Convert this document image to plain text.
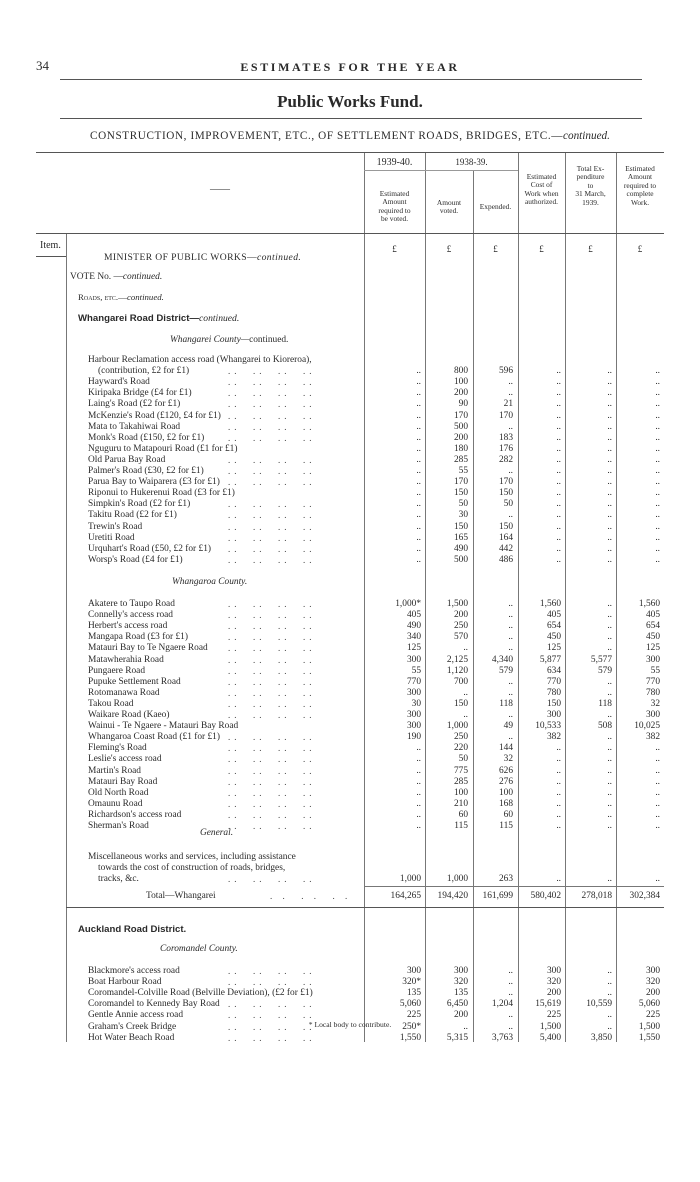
34	ESTIMATES FOR THE YEAR
Public Works Fund.
CONSTRUCTION, IMPROVEMENT, ETC., OF SETTLEMENT ROADS, BRIDGES, ETC.—continued.
——
1939-40.	1938-39.
Estimated
Amount
required to
be voted.
Amount
voted.	Expended.
Estimated
Cost of
Work when
authorized.
Total Ex-
penditure
to
31 March,
1939.
Estimated
Amount
required to
complete
Work.
£	£	£	£	£	£
Item.
MINISTER OF PUBLIC WORKS—continued.
VOTE No. —continued.
Roads, etc.—continued.
Whangarei Road District—continued.
Whangarei County—continued.
Harbour Reclamation access road (Whangarei to Kioreroa),
(contribution, £2 for £1)	..  ..  ..  ..	..	800	596	..	..	..
Hayward's Road	..  ..  ..  ..	..	100	..	..	..	..
Kiripaka Bridge (£4 for £1)	..  ..  ..  ..	..	200	..	..	..	..
Laing's Road (£2 for £1)	..  ..  ..  ..	..	90	21	..	..	..
McKenzie's Road (£120, £4 for £1) ..  ..  ..  ..	..	170	170	..	..	..
Mata to Takahiwai Road	..  ..  ..  ..	..	500	..	..	..	..
Monk's Road (£150, £2 for £1)	..  ..  ..  ..	..	200	183	..	..	..
Nguguru to Matapouri Road (£1 for £1)	..	180	176	..	..	..
Old Parua Bay Road	..  ..  ..  ..	..	285	282	..	..	..
Palmer's Road (£30, £2 for £1)	..  ..  ..  ..	..	55	..	..	..	..
Parua Bay to Waiparera (£3 for £1) ..  ..  ..  ..	..	170	170	..	..	..
Riponui to Hukerenui Road (£3 for £1)	..	150	150	..	..	..
Simpkin's Road (£2 for £1)	..  ..  ..  ..	..	50	50	..	..	..
Takitu Road (£2 for £1)	..  ..  ..  ..	..	30	..	..	..	..
Trewin's Road	..  ..  ..  ..	..	150	150	..	..	..
Uretiti Road	..  ..  ..  ..	..	165	164	..	..	..
Urquhart's Road (£50, £2 for £1) ..  ..  ..  ..	..	490	442	..	..	..
Worsp's Road (£4 for £1)	..  ..  ..  ..	..	500	486	..	..	..
Whangaroa County.
Akatere to Taupo Road	..  ..  ..  ..	1,000*	1,500	..	1,560	..	1,560
Connelly's access road	..  ..  ..  ..	405	200	..	405	..	405
Herbert's access road	..  ..  ..  ..	490	250	..	654	..	654
Mangapa Road (£3 for £1)	..  ..  ..  ..	340	570	..	450	..	450
Matauri Bay to Te Ngaere Road ..  ..  ..  ..	125	..	..	125	..	125
Matawherahia Road	..  ..  ..  ..	300	2,125	4,340	5,877	5,577	300
Pungaere Road	..  ..  ..  ..	55	1,120	579	634	579	55
Pupuke Settlement Road	..  ..  ..  ..	770	700	..	770	..	770
Rotomanawa Road	..  ..  ..  ..	300	..	..	780	..	780
Takou Road	..  ..  ..  ..	30	150	118	150	118	32
Waikare Road (Kaeo)	..  ..  ..  ..	300	..	..	300	..	300
Wainui - Te Ngaere - Matauri Bay Road	300	1,000	49 10,533	508 10,025
Whangaroa Coast Road (£1 for £1) ..  ..  ..  ..	190	250	..	382	..	382
Fleming's Road	..  ..  ..  ..	..	220	144	..	..	..
Leslie's access road	..  ..  ..  ..	..	50	32	..	..	..
Martin's Road	..  ..  ..  ..	..	775	626	..	..	..
Matauri Bay Road	..  ..  ..  ..	..	285	276	..	..	..
Old North Road	..  ..  ..  ..	..	100	100	..	..	..
Omaunu Road	..  ..  ..  ..	..	210	168	..	..	..
Richardson's access road	..  ..  ..  ..	..	60	60	..	..	..
Sherman's Road	..  ..  ..  ..	..	115	115	..	..	..
General.
Miscellaneous works and services, including assistance
towards the cost of construction of roads, bridges,
tracks, &c.	..  ..  ..  ..	1,000	1,000	263	..	..	..
Total—Whangarei	. .  . .  . .	164,265 194,420 161,699 580,402 278,018 302,384
Auckland Road District.
Coromandel County.
Blackmore's access road	..  ..  ..  ..	300	300	..	300	..	300
Boat Harbour Road	..  ..  ..  ..	320*	320	..	320	..	320
Coromandel-Colville Road (Belville Deviation), (£2 for £1)	135	135	..	200	..	200
Coromandel to Kennedy Bay Road ..  ..  ..  ..	5,060	6,450	1,204 15,619	10,559	5,060
Gentle Annie access road	..  ..  ..  ..	225	200	..	225	..	225
Graham's Creek Bridge	..  ..  ..  ..	250*	..	..	1,500	..	1,500
Hot Water Beach Road	..  ..  ..  ..	1,550	5,315	3,763	5,400	3,850	1,550
* Local body to contribute.
